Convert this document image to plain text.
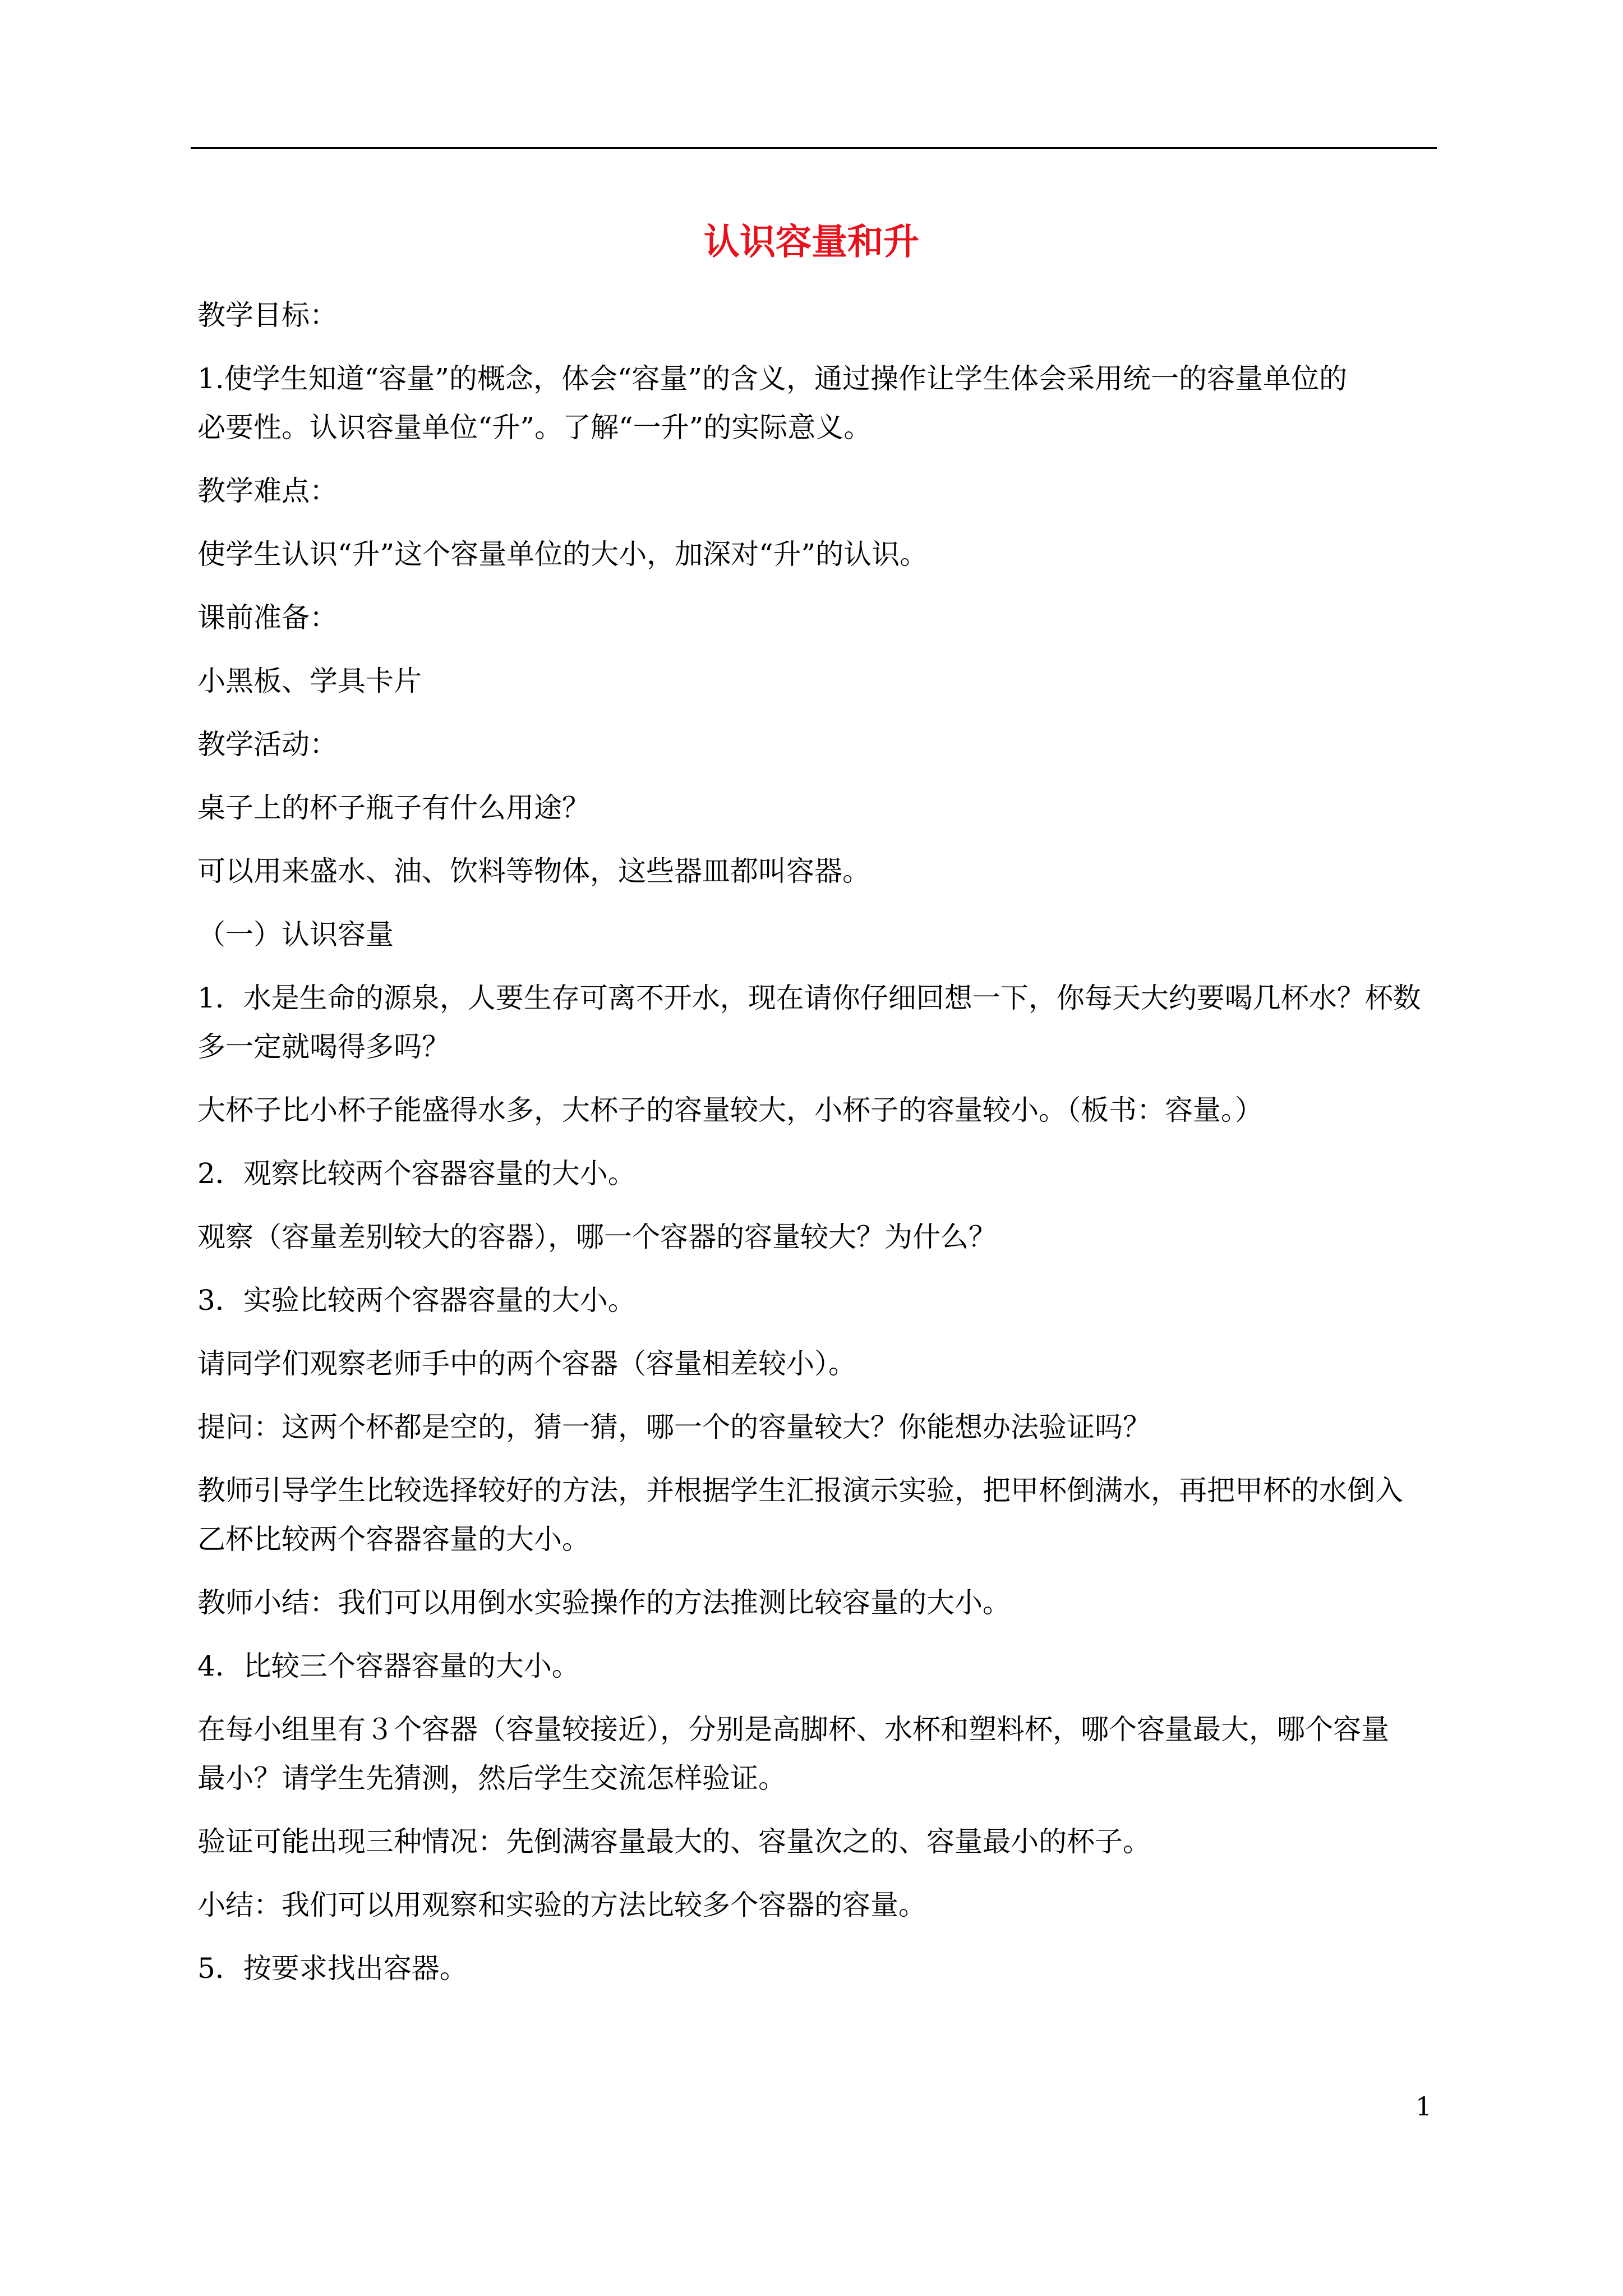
认识容量和升

教学目标：

1.使学生知道“容量”的概念，体会“容量”的含义，通过操作让学生体会采用统一的容量单位的

必要性。认识容量单位“升”。了解“一升”的实际意义。

教学难点：

使学生认识“升”这个容量单位的大小，加深对“升”的认识。

课前准备：

小黑板、学具卡片

教学活动：

桌子上的杯子瓶子有什么用途？

可以用来盛水、油、饮料等物体，这些器皿都叫容器。

（一）认识容量

1．水是生命的源泉，人要生存可离不开水，现在请你仔细回想一下，你每天大约要喝几杯水？杯数

多一定就喝得多吗？

大杯子比小杯子能盛得水多，大杯子的容量较大，小杯子的容量较小。（板书：容量。）

2．观察比较两个容器容量的大小。

观察（容量差别较大的容器），哪一个容器的容量较大？为什么？

3．实验比较两个容器容量的大小。

请同学们观察老师手中的两个容器（容量相差较小）。

提问：这两个杯都是空的，猜一猜，哪一个的容量较大？你能想办法验证吗？

教师引导学生比较选择较好的方法，并根据学生汇报演示实验，把甲杯倒满水，再把甲杯的水倒入

乙杯比较两个容器容量的大小。

教师小结：我们可以用倒水实验操作的方法推测比较容量的大小。

4．比较三个容器容量的大小。

在每小组里有３个容器（容量较接近），分别是高脚杯、水杯和塑料杯，哪个容量最大，哪个容量

最小？请学生先猜测，然后学生交流怎样验证。

验证可能出现三种情况：先倒满容量最大的、容量次之的、容量最小的杯子。

小结：我们可以用观察和实验的方法比较多个容器的容量。

5．按要求找出容器。

1
